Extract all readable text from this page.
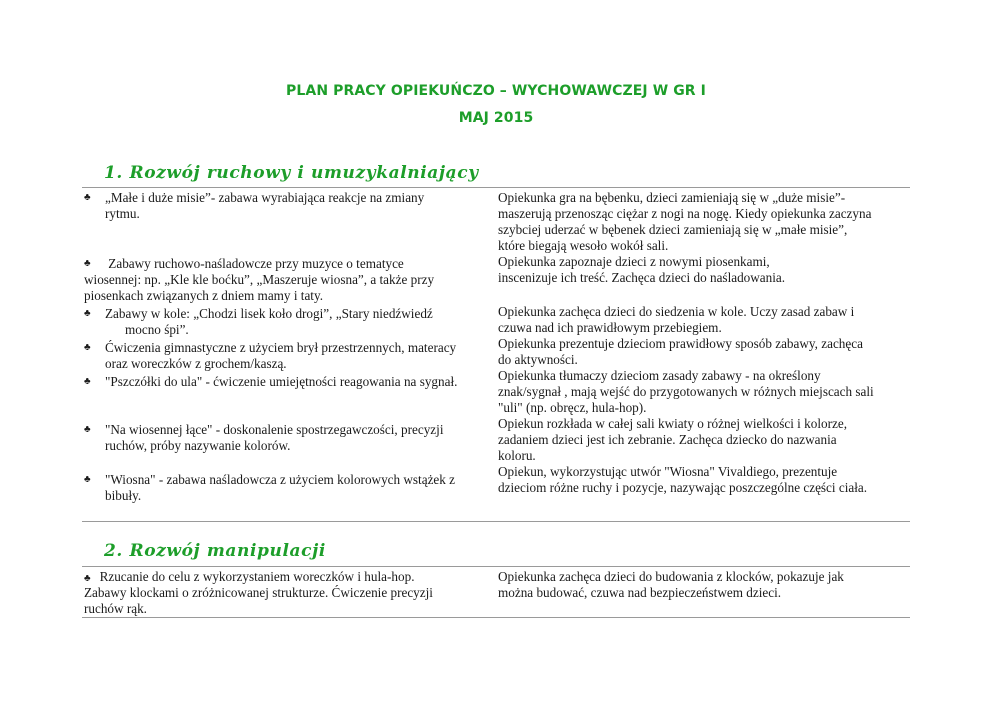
PLAN PRACY OPIEKUŃCZO – WYCHOWAWCZEJ W GR I
MAJ 2015
1. Rozwój ruchowy i umuzykalniający
♣ „Małe i duże misie”- zabawa wyrabiająca reakcje na zmiany
rytmu.
♣ Zabawy ruchowo-naśladowcze przy muzyce o tematyce
wiosennej: np. „Kle kle boćku”, „Maszeruje wiosna”, a także przy
piosenkach związanych z dniem mamy i taty.
♣ Zabawy w kole: „Chodzi lisek koło drogi”, „Stary niedźwiedź
mocno śpi”.
♣ Ćwiczenia gimnastyczne z użyciem brył przestrzennych, materacy
oraz woreczków z grochem/kaszą.
♣ "Pszczółki do ula" - ćwiczenie umiejętności reagowania na sygnał.
♣ "Na wiosennej łące" - doskonalenie spostrzegawczości, precyzji
ruchów, próby nazywanie kolorów.
♣ "Wiosna" - zabawa naśladowcza z użyciem kolorowych wstążek z
bibuły.
Opiekunka gra na bębenku, dzieci zamieniają się w „duże misie”-
maszerują przenosząc ciężar z nogi na nogę. Kiedy opiekunka zaczyna
szybciej uderzać w bębenek dzieci zamieniają się w „małe misie”,
które biegają wesoło wokół sali.
Opiekunka zapoznaje dzieci z nowymi piosenkami,
inscenizuje ich treść. Zachęca dzieci do naśladowania.
Opiekunka zachęca dzieci do siedzenia w kole. Uczy zasad zabaw i
czuwa nad ich prawidłowym przebiegiem.
Opiekunka prezentuje dzieciom prawidłowy sposób zabawy, zachęca
do aktywności.
Opiekunka tłumaczy dzieciom zasady zabawy - na określony
znak/sygnał , mają wejść do przygotowanych w różnych miejscach sali
"uli" (np. obręcz, hula-hop).
Opiekun rozkłada w całej sali kwiaty o różnej wielkości i kolorze,
zadaniem dzieci jest ich zebranie. Zachęca dziecko do nazwania
koloru.
Opiekun, wykorzystując utwór "Wiosna" Vivaldiego, prezentuje
dzieciom różne ruchy i pozycje, nazywając poszczególne części ciała.
2. Rozwój manipulacji
♣ Rzucanie do celu z wykorzystaniem woreczków i hula-hop.
Zabawy klockami o zróżnicowanej strukturze. Ćwiczenie precyzji
ruchów rąk.
Opiekunka zachęca dzieci do budowania z klocków, pokazuje jak
można budować, czuwa nad bezpieczeństwem dzieci.
